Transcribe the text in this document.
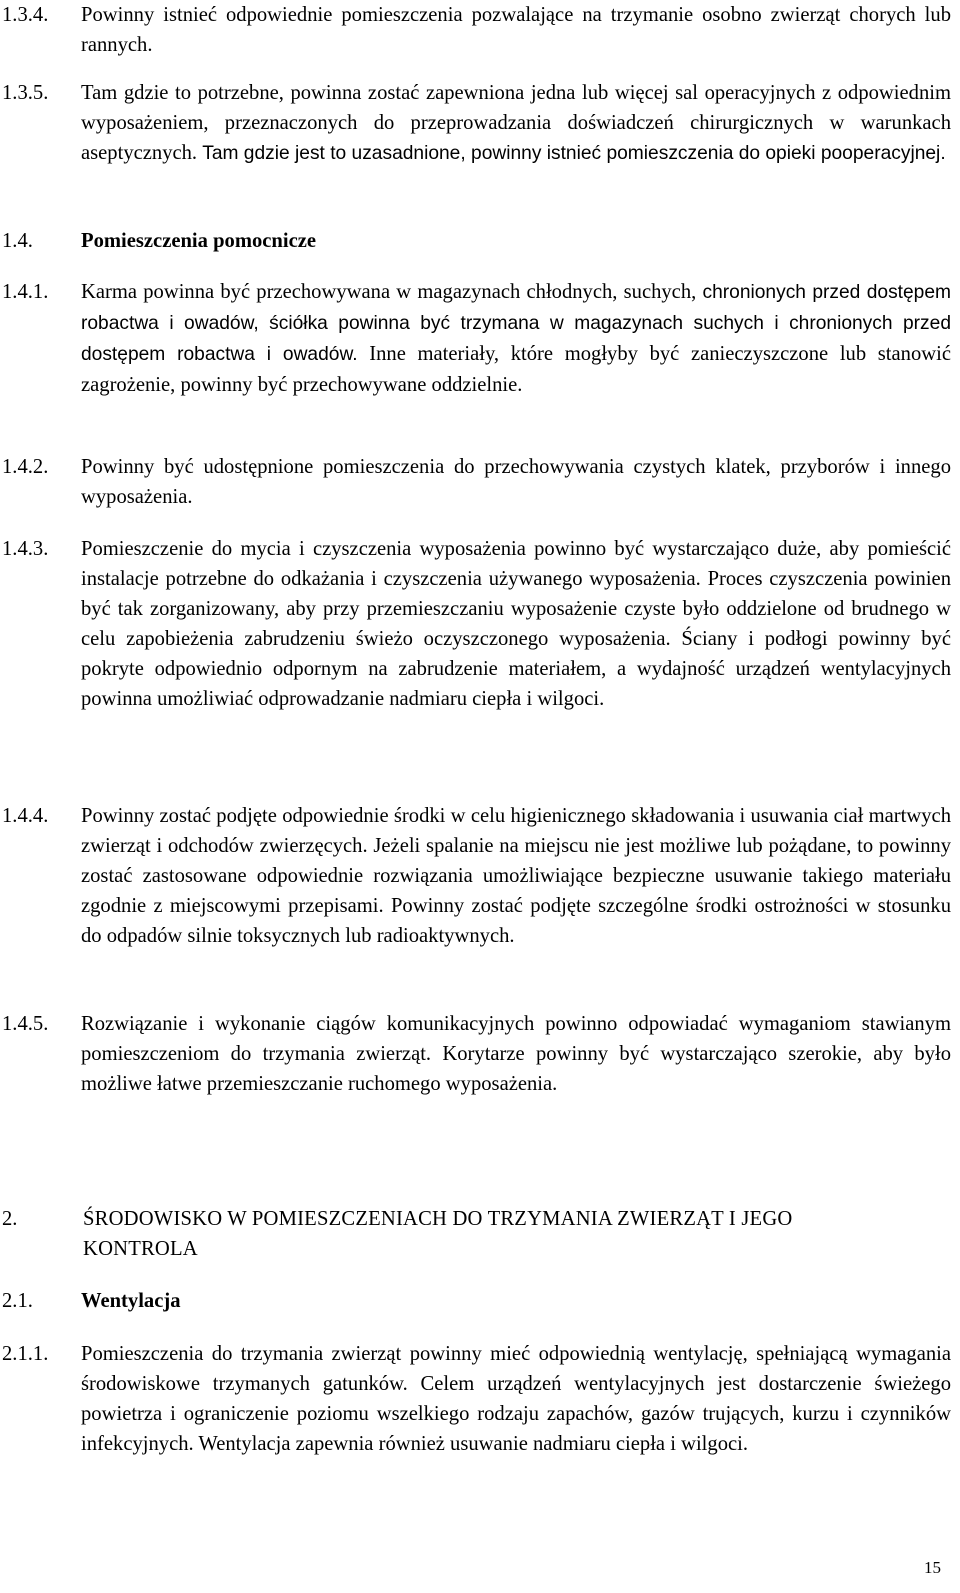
1.3.4. Powinny istnieć odpowiednie pomieszczenia pozwalające na trzymanie osobno zwierząt chorych lub rannych.
1.3.5. Tam gdzie to potrzebne, powinna zostać zapewniona jedna lub więcej sal operacyjnych z odpowiednim wyposażeniem, przeznaczonych do przeprowadzania doświadczeń chirurgicznych w warunkach aseptycznych. Tam gdzie jest to uzasadnione, powinny istnieć pomieszczenia do opieki pooperacyjnej.
1.4. Pomieszczenia pomocnicze
1.4.1. Karma powinna być przechowywana w magazynach chłodnych, suchych, chronionych przed dostępem robactwa i owadów, ściółka powinna być trzymana w magazynach suchych i chronionych przed dostępem robactwa i owadów. Inne materiały, które mogłyby być zanieczyszczone lub stanowić zagrożenie, powinny być przechowywane oddzielnie.
1.4.2. Powinny być udostępnione pomieszczenia do przechowywania czystych klatek, przyborów i innego wyposażenia.
1.4.3. Pomieszczenie do mycia i czyszczenia wyposażenia powinno być wystarczająco duże, aby pomieścić instalacje potrzebne do odkażania i czyszczenia używanego wyposażenia. Proces czyszczenia powinien być tak zorganizowany, aby przy przemieszczaniu wyposażenie czyste było oddzielone od brudnego w celu zapobieżenia zabrudzeniu świeżo oczyszczonego wyposażenia. Ściany i podłogi powinny być pokryte odpowiednio odpornym na zabrudzenie materiałem, a wydajność urządzeń wentylacyjnych powinna umożliwiać odprowadzanie nadmiaru ciepła i wilgoci.
1.4.4. Powinny zostać podjęte odpowiednie środki w celu higienicznego składowania i usuwania ciał martwych zwierząt i odchodów zwierzęcych. Jeżeli spalanie na miejscu nie jest możliwe lub pożądane, to powinny zostać zastosowane odpowiednie rozwiązania umożliwiające bezpieczne usuwanie takiego materiału zgodnie z miejscowymi przepisami. Powinny zostać podjęte szczególne środki ostrożności w stosunku do odpadów silnie toksycznych lub radioaktywnych.
1.4.5. Rozwiązanie i wykonanie ciągów komunikacyjnych powinno odpowiadać wymaganiom stawianym pomieszczeniom do trzymania zwierząt. Korytarze powinny być wystarczająco szerokie, aby było możliwe łatwe przemieszczanie ruchomego wyposażenia.
2.	ŚRODOWISKO W POMIESZCZENIACH DO TRZYMANIA ZWIERZĄT I JEGO KONTROLA
2.1. Wentylacja
2.1.1. Pomieszczenia do trzymania zwierząt powinny mieć odpowiednią wentylację, spełniającą wymagania środowiskowe trzymanych gatunków. Celem urządzeń wentylacyjnych jest dostarczenie świeżego powietrza i ograniczenie poziomu wszelkiego rodzaju zapachów, gazów trujących, kurzu i czynników infekcyjnych. Wentylacja zapewnia również usuwanie nadmiaru ciepła i wilgoci.
15
